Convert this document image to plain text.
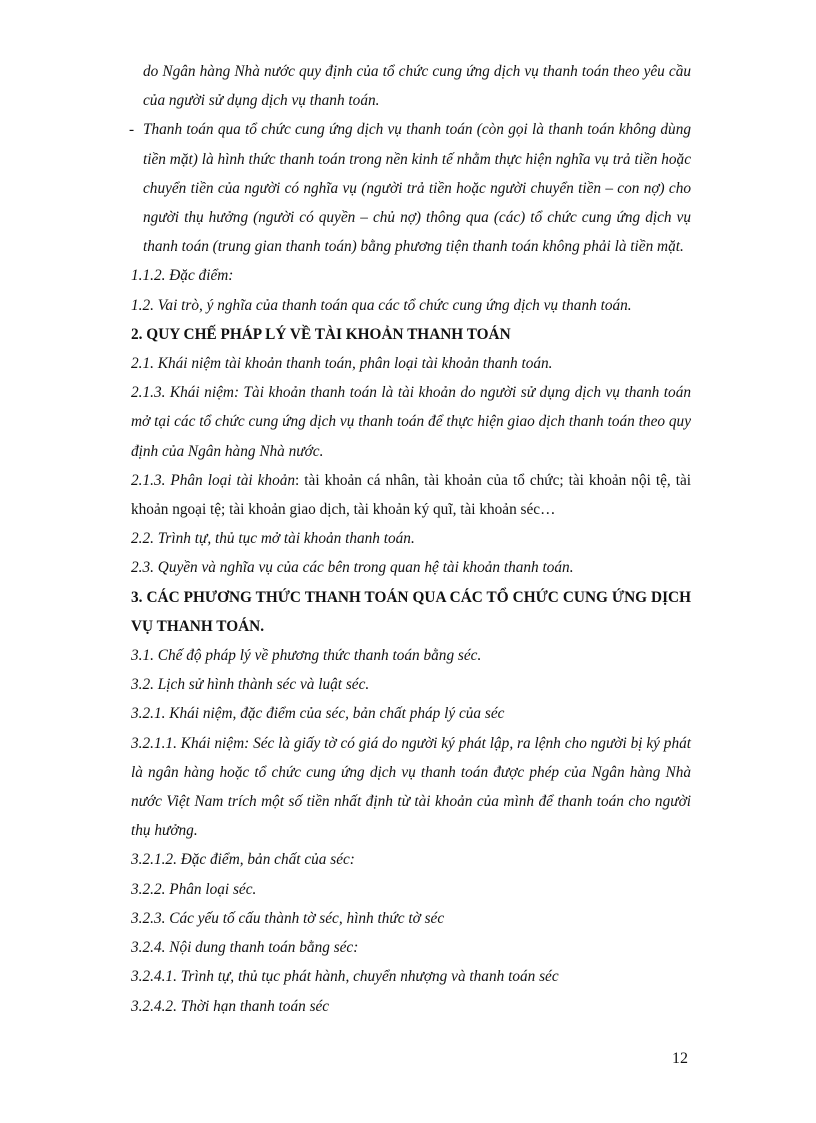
do Ngân hàng Nhà nước quy định của tổ chức cung ứng dịch vụ thanh toán theo yêu cầu của người sử dụng dịch vụ thanh toán.

- Thanh toán qua tổ chức cung ứng dịch vụ thanh toán (còn gọi là thanh toán không dùng tiền mặt) là hình thức thanh toán trong nền kinh tế nhằm thực hiện nghĩa vụ trả tiền hoặc chuyển tiền của người có nghĩa vụ (người trả tiền hoặc người chuyển tiền – con nợ) cho người thụ hưởng (người có quyền – chủ nợ) thông qua (các) tổ chức cung ứng dịch vụ thanh toán (trung gian thanh toán) bằng phương tiện thanh toán không phải là tiền mặt.

1.1.2. Đặc điểm:

1.2. Vai trò, ý nghĩa của thanh toán qua các tổ chức cung ứng dịch vụ thanh toán.

2. QUY CHẾ PHÁP LÝ VỀ TÀI KHOẢN THANH TOÁN

2.1. Khái niệm tài khoản thanh toán, phân loại tài khoản thanh toán.

2.1.3. Khái niệm: Tài khoản thanh toán là tài khoản do người sử dụng dịch vụ thanh toán mở tại các tổ chức cung ứng dịch vụ thanh toán để thực hiện giao dịch thanh toán theo quy định của Ngân hàng Nhà nước.

2.1.3. Phân loại tài khoản: tài khoản cá nhân, tài khoản của tổ chức; tài khoản nội tệ, tài khoản ngoại tệ; tài khoản giao dịch, tài khoản ký quĩ, tài khoản séc…

2.2. Trình tự, thủ tục mở tài khoản thanh toán.

2.3. Quyền và nghĩa vụ của các bên trong quan hệ tài khoản thanh toán.

3. CÁC PHƯƠNG THỨC THANH TOÁN QUA CÁC TỔ CHỨC CUNG ỨNG DỊCH VỤ THANH TOÁN.

3.1. Chế độ pháp lý về phương thức thanh toán bằng séc.

3.2. Lịch sử hình thành séc và luật séc.

3.2.1. Khái niệm, đặc điểm của séc, bản chất pháp lý của séc

3.2.1.1. Khái niệm: Séc là giấy tờ có giá do người ký phát lập, ra lệnh cho người bị ký phát là ngân hàng hoặc tổ chức cung ứng dịch vụ thanh toán được phép của Ngân hàng Nhà nước Việt Nam trích một số tiền nhất định từ tài khoản của mình để thanh toán cho người thụ hưởng.

3.2.1.2. Đặc điểm, bản chất của séc:

3.2.2. Phân loại séc.

3.2.3. Các yếu tố cấu thành tờ séc, hình thức tờ séc

3.2.4. Nội dung thanh toán bằng séc:

3.2.4.1. Trình tự, thủ tục phát hành, chuyển nhượng và thanh toán séc

3.2.4.2. Thời hạn thanh toán séc

12
